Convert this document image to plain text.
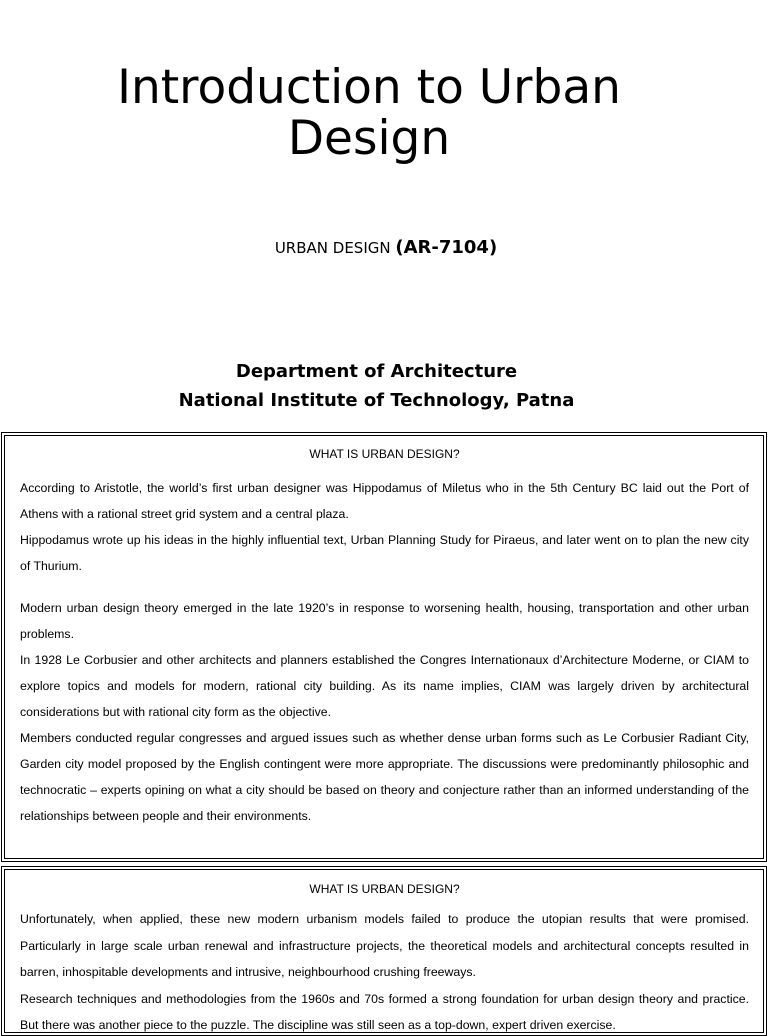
Introduction to Urban
Design
URBAN DESIGN (AR-7104)
Department of Architecture
National Institute of Technology, Patna
WHAT IS URBAN DESIGN?

According to Aristotle, the world’s first urban designer was Hippodamus of Miletus who in the 5th Century BC laid out the Port of Athens with a rational street grid system and a central plaza.

Hippodamus wrote up his ideas in the highly influential text, Urban Planning Study for Piraeus, and later went on to plan the new city of Thurium.

Modern urban design theory emerged in the late 1920’s in response to worsening health, housing, transportation and other urban problems.

In 1928 Le Corbusier and other architects and planners established the Congres Internationaux d’Architecture Moderne, or CIAM to explore topics and models for modern, rational city building. As its name implies, CIAM was largely driven by architectural considerations but with rational city form as the objective.

Members conducted regular congresses and argued issues such as whether dense urban forms such as Le Corbusier Radiant City, Garden city model proposed by the English contingent were more appropriate. The discussions were predominantly philosophic and technocratic – experts opining on what a city should be based on theory and conjecture rather than an informed understanding of the relationships between people and their environments.

WHAT IS URBAN DESIGN?

Unfortunately, when applied, these new modern urbanism models failed to produce the utopian results that were promised. Particularly in large scale urban renewal and infrastructure projects, the theoretical models and architectural concepts resulted in barren, inhospitable developments and intrusive, neighbourhood crushing freeways.

Research techniques and methodologies from the 1960s and 70s formed a strong foundation for urban design theory and practice. But there was another piece to the puzzle. The discipline was still seen as a top-down, expert driven exercise.
